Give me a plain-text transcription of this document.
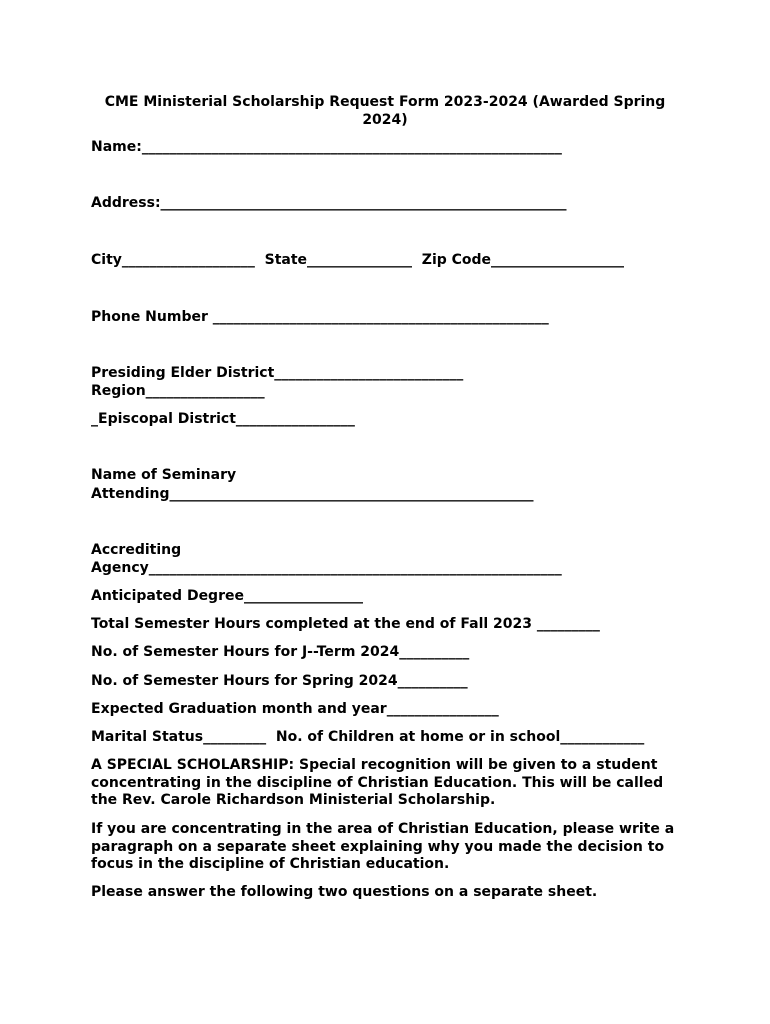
CME Ministerial Scholarship Request Form 2023-2024 (Awarded Spring 2024)

Name:____________________________________________________________

Address:__________________________________________________________

City___________________  State_______________  Zip Code___________________

Phone Number ________________________________________________

Presiding Elder District___________________________

Region_________________

_Episcopal District_________________

Name of Seminary

Attending____________________________________________________

Accrediting

Agency___________________________________________________________

Anticipated Degree_________________

Total Semester Hours completed at the end of Fall 2023 _________

No. of Semester Hours for J--Term 2024__________

No. of Semester Hours for Spring 2024__________

Expected Graduation month and year________________

Marital Status_________  No. of Children at home or in school____________

A SPECIAL SCHOLARSHIP: Special recognition will be given to a student concentrating in the discipline of Christian Education. This will be called the Rev. Carole Richardson Ministerial Scholarship.

If you are concentrating in the area of Christian Education, please write a paragraph on a separate sheet explaining why you made the decision to focus in the discipline of Christian education.

Please answer the following two questions on a separate sheet.
